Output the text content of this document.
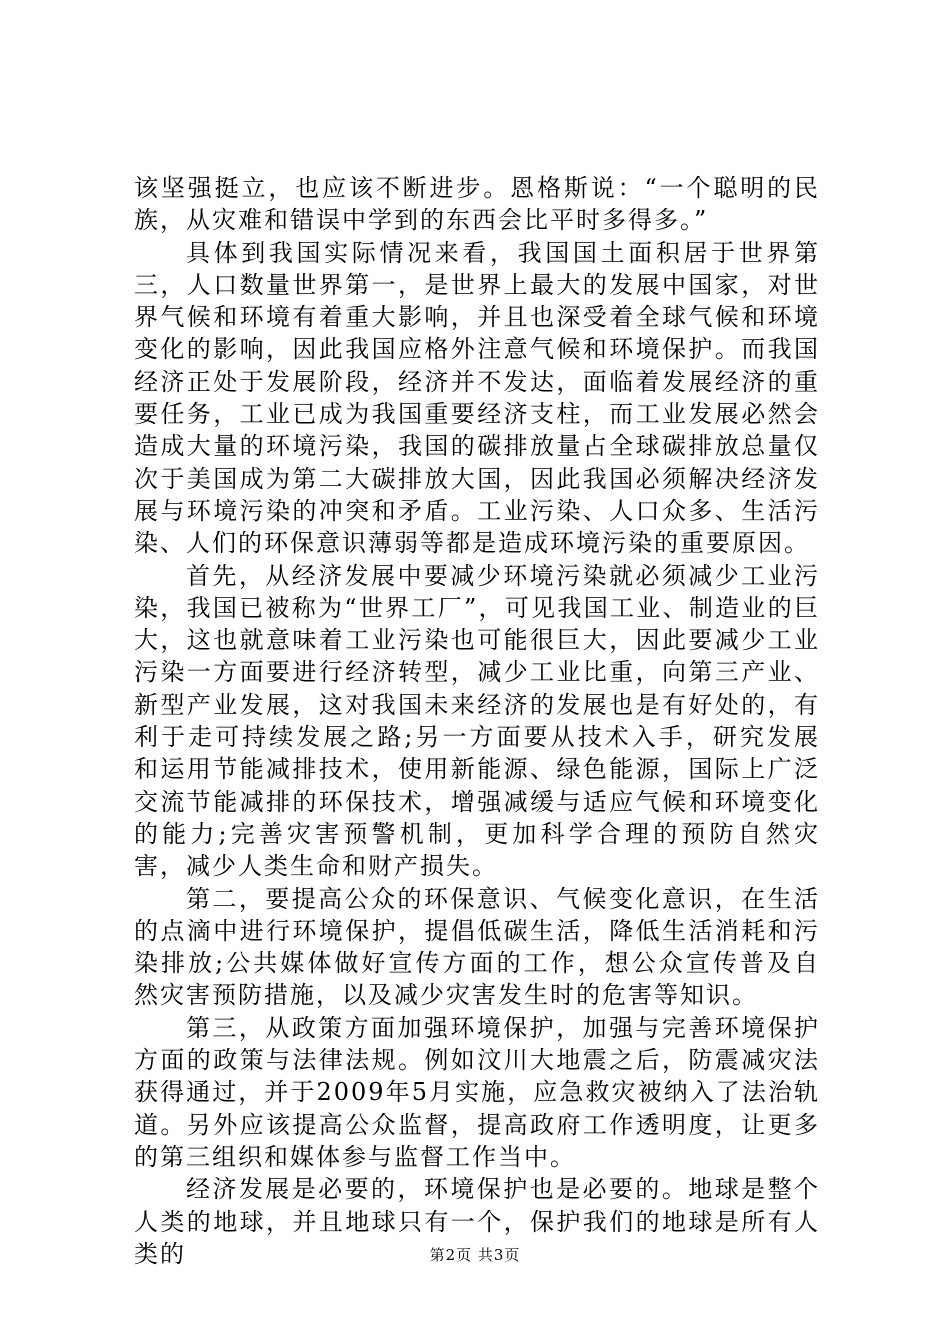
该坚强挺立，也应该不断进步。恩格斯说：“一个聪明的民族，从灾难和错误中学到的东西会比平时多得多。”

具体到我国实际情况来看，我国国土面积居于世界第三，人口数量世界第一，是世界上最大的发展中国家，对世界气候和环境有着重大影响，并且也深受着全球气候和环境变化的影响，因此我国应格外注意气候和环境保护。而我国经济正处于发展阶段，经济并不发达，面临着发展经济的重要任务，工业已成为我国重要经济支柱，而工业发展必然会造成大量的环境污染，我国的碳排放量占全球碳排放总量仅次于美国成为第二大碳排放大国，因此我国必须解决经济发展与环境污染的冲突和矛盾。工业污染、人口众多、生活污染、人们的环保意识薄弱等都是造成环境污染的重要原因。

首先，从经济发展中要减少环境污染就必须减少工业污染，我国已被称为“世界工厂”，可见我国工业、制造业的巨大，这也就意味着工业污染也可能很巨大，因此要减少工业污染一方面要进行经济转型，减少工业比重，向第三产业、新型产业发展，这对我国未来经济的发展也是有好处的，有利于走可持续发展之路;另一方面要从技术入手，研究发展和运用节能减排技术，使用新能源、绿色能源，国际上广泛交流节能减排的环保技术，增强减缓与适应气候和环境变化的能力;完善灾害预警机制，更加科学合理的预防自然灾害，减少人类生命和财产损失。

第二，要提高公众的环保意识、气候变化意识，在生活的点滴中进行环境保护，提倡低碳生活，降低生活消耗和污染排放;公共媒体做好宣传方面的工作，想公众宣传普及自然灾害预防措施，以及减少灾害发生时的危害等知识。

第三，从政策方面加强环境保护，加强与完善环境保护方面的政策与法律法规。例如汶川大地震之后，防震减灾法获得通过，并于2009年5月实施，应急救灾被纳入了法治轨道。另外应该提高公众监督，提高政府工作透明度，让更多的第三组织和媒体参与监督工作当中。

经济发展是必要的，环境保护也是必要的。地球是整个人类的地球，并且地球只有一个，保护我们的地球是所有人类的	第2页 共3页
